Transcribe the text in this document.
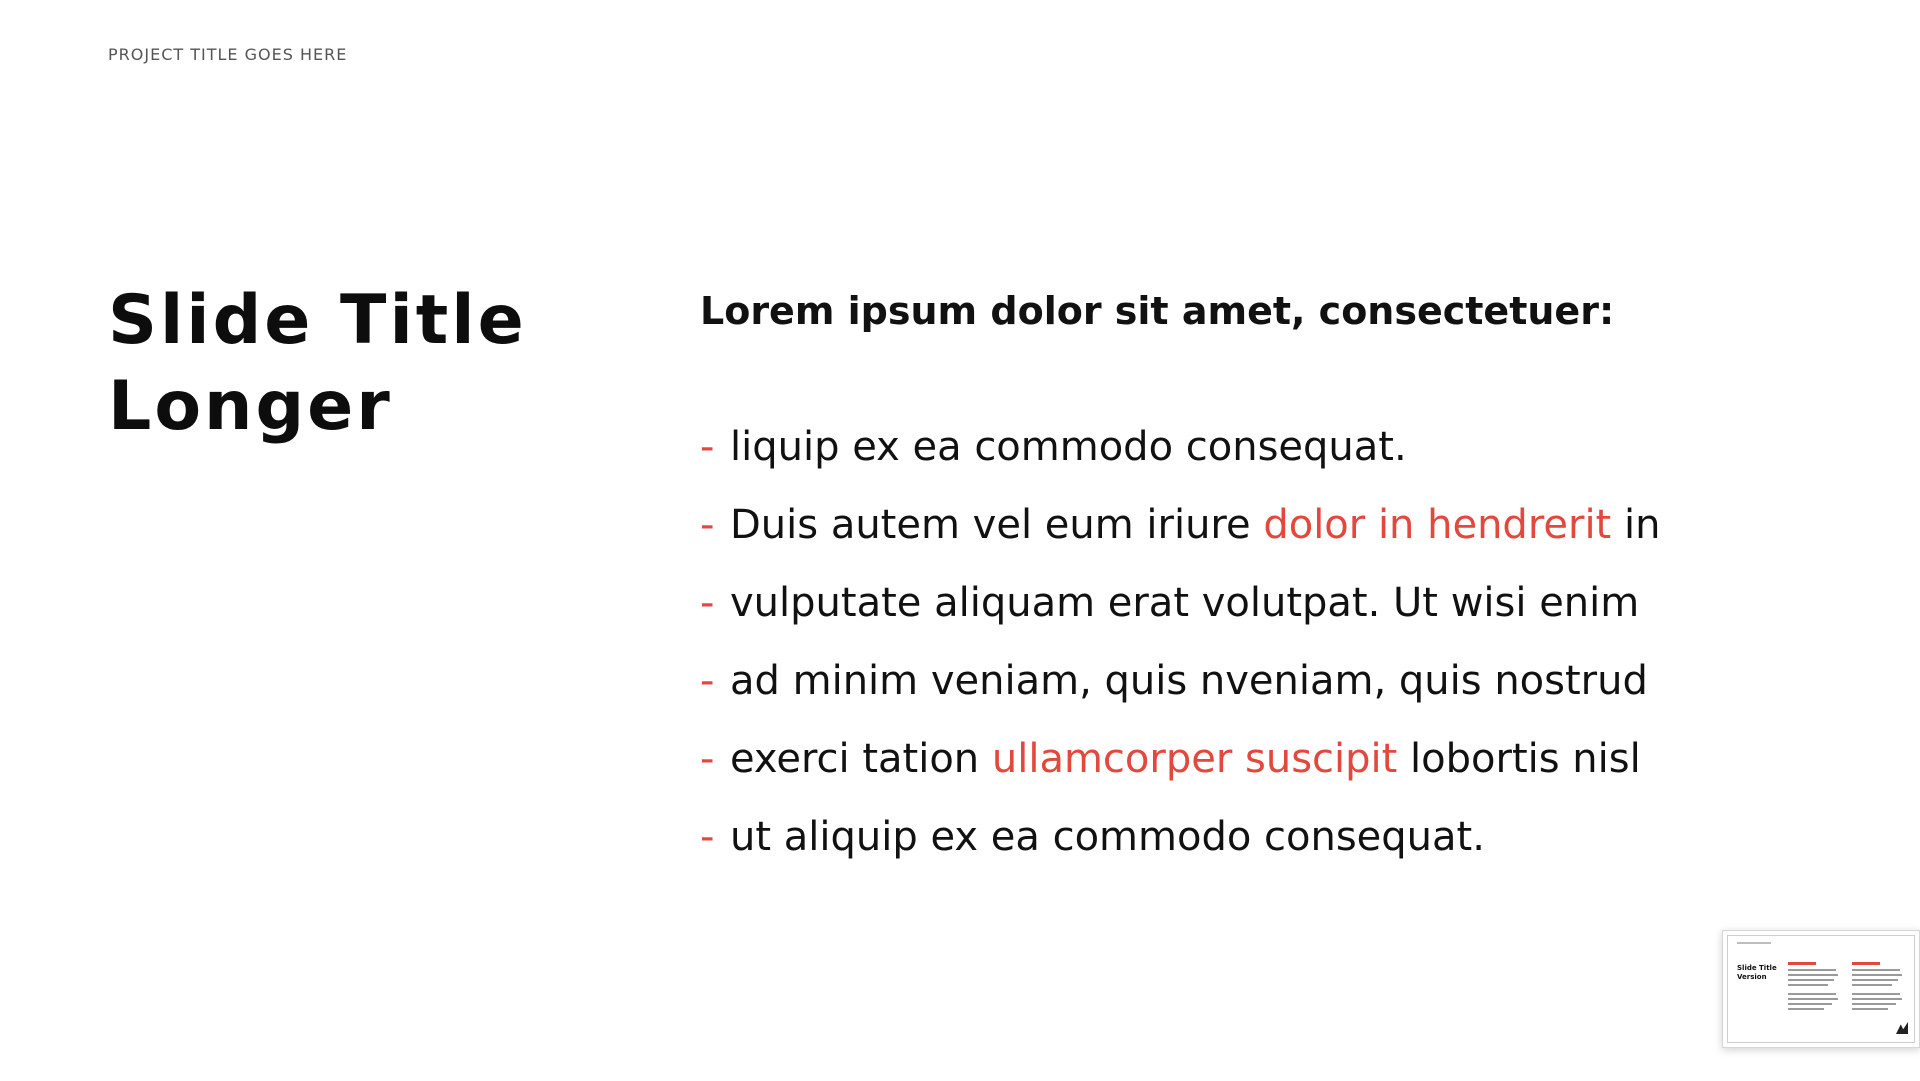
PROJECT TITLE GOES HERE
Slide Title
Longer
Lorem ipsum dolor sit amet, consectetuer:
- liquip ex ea commodo consequat.
- Duis autem vel eum iriure dolor in hendrerit in
- vulputate aliquam erat volutpat. Ut wisi enim
- ad minim veniam, quis nveniam, quis nostrud
- exerci tation ullamcorper suscipit lobortis nisl
- ut aliquip ex ea commodo consequat.
Slide Title
Version
